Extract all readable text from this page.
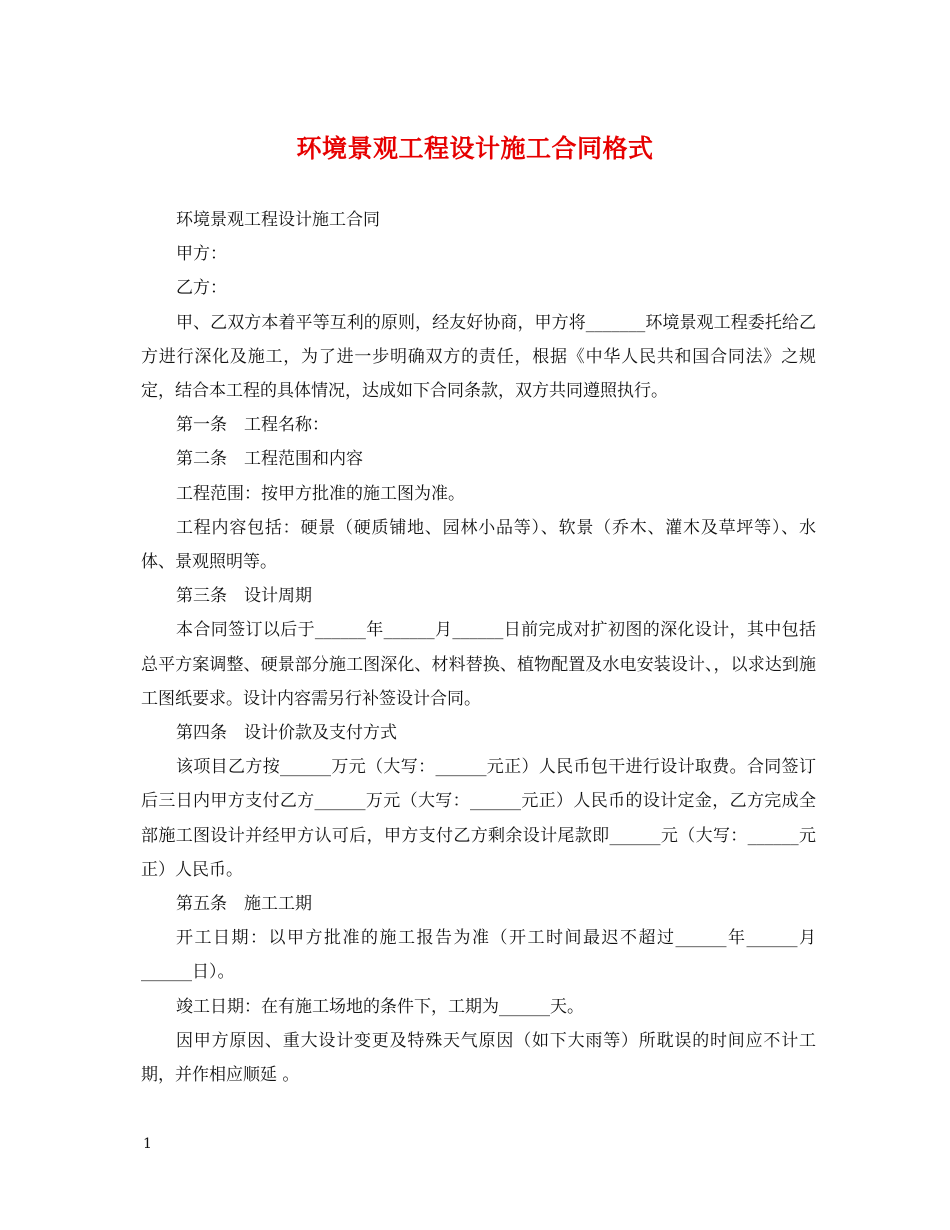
环境景观工程设计施工合同格式

环境景观工程设计施工合同

甲方：

乙方：

甲、乙双方本着平等互利的原则，经友好协商，甲方将_______环境景观工程委托给乙方进行深化及施工，为了进一步明确双方的责任，根据《中华人民共和国合同法》之规定，结合本工程的具体情况，达成如下合同条款，双方共同遵照执行。

第一条　工程名称：

第二条　工程范围和内容

工程范围：按甲方批准的施工图为准。

工程内容包括：硬景（硬质铺地、园林小品等）、软景（乔木、灌木及草坪等）、水体、景观照明等。

第三条　设计周期

本合同签订以后于______年______月______日前完成对扩初图的深化设计，其中包括总平方案调整、硬景部分施工图深化、材料替换、植物配置及水电安装设计、，以求达到施工图纸要求。设计内容需另行补签设计合同。

第四条　设计价款及支付方式

该项目乙方按______万元（大写：______元正）人民币包干进行设计取费。合同签订后三日内甲方支付乙方______万元（大写：______元正）人民币的设计定金，乙方完成全部施工图设计并经甲方认可后，甲方支付乙方剩余设计尾款即______元（大写：______元正）人民币。

第五条　施工工期

开工日期：以甲方批准的施工报告为准（开工时间最迟不超过______年______月______日）。

竣工日期：在有施工场地的条件下，工期为______天。

因甲方原因、重大设计变更及特殊天气原因（如下大雨等）所耽误的时间应不计工期，并作相应顺延 。

1
